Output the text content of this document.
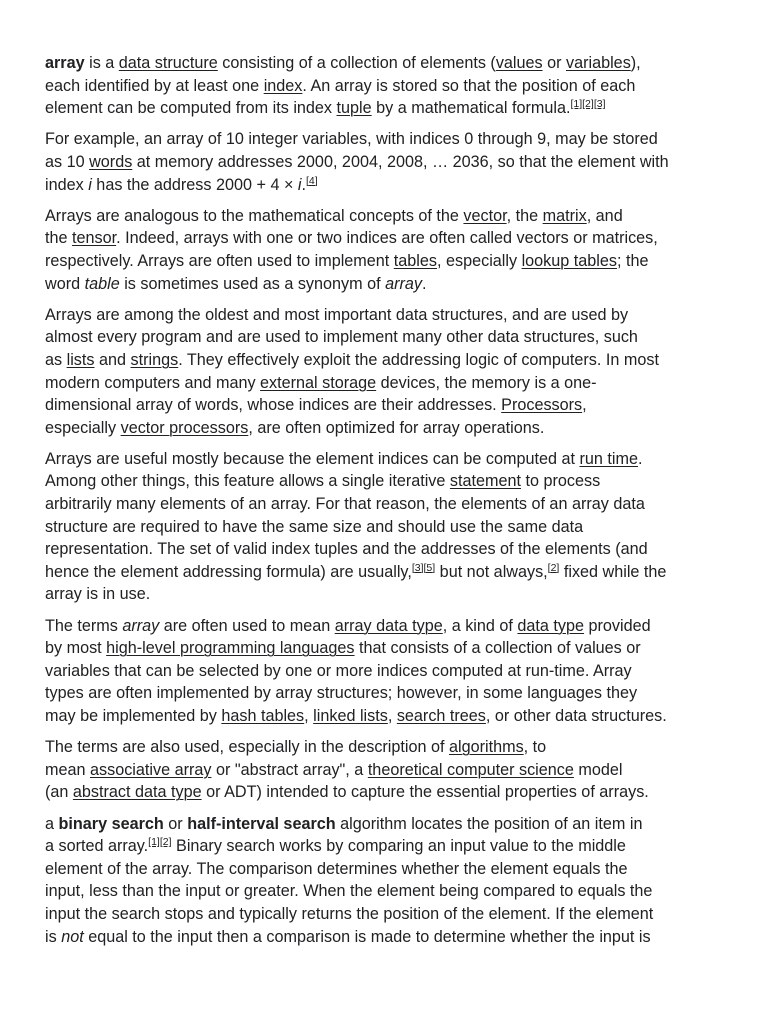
array is a data structure consisting of a collection of elements (values or variables),
each identified by at least one index. An array is stored so that the position of each
element can be computed from its index tuple by a mathematical formula.[1][2][3]

For example, an array of 10 integer variables, with indices 0 through 9, may be stored
as 10 words at memory addresses 2000, 2004, 2008, … 2036, so that the element with
index i has the address 2000 + 4 × i.[4]

Arrays are analogous to the mathematical concepts of the vector, the matrix, and
the tensor. Indeed, arrays with one or two indices are often called vectors or matrices,
respectively. Arrays are often used to implement tables, especially lookup tables; the
word table is sometimes used as a synonym of array.

Arrays are among the oldest and most important data structures, and are used by
almost every program and are used to implement many other data structures, such
as lists and strings. They effectively exploit the addressing logic of computers. In most
modern computers and many external storage devices, the memory is a one-
dimensional array of words, whose indices are their addresses. Processors,
especially vector processors, are often optimized for array operations.

Arrays are useful mostly because the element indices can be computed at run time.
Among other things, this feature allows a single iterative statement to process
arbitrarily many elements of an array. For that reason, the elements of an array data
structure are required to have the same size and should use the same data
representation. The set of valid index tuples and the addresses of the elements (and
hence the element addressing formula) are usually,[3][5] but not always,[2] fixed while the
array is in use.

The terms array are often used to mean array data type, a kind of data type provided
by most high-level programming languages that consists of a collection of values or
variables that can be selected by one or more indices computed at run-time. Array
types are often implemented by array structures; however, in some languages they
may be implemented by hash tables, linked lists, search trees, or other data structures.

The terms are also used, especially in the description of algorithms, to
mean associative array or "abstract array", a theoretical computer science model
(an abstract data type or ADT) intended to capture the essential properties of arrays.

a binary search or half-interval search algorithm locates the position of an item in
a sorted array.[1][2] Binary search works by comparing an input value to the middle
element of the array. The comparison determines whether the element equals the
input, less than the input or greater. When the element being compared to equals the
input the search stops and typically returns the position of the element. If the element
is not equal to the input then a comparison is made to determine whether the input is
